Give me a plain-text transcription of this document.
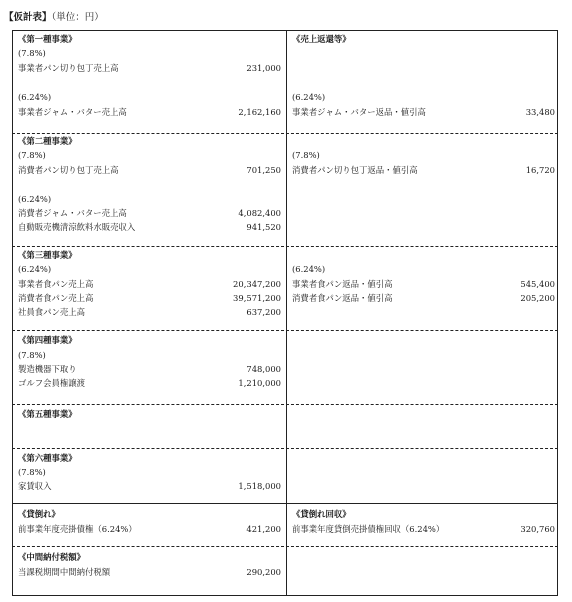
【仮計表】（単位：円）
《第一種事業》
(7.8%)
事業者パン切り包丁売上高	231,000
(6.24%)
事業者ジャム・バター売上高	2,162,160
《第二種事業》
(7.8%)
消費者パン切り包丁売上高	701,250
(6.24%)
消費者ジャム・バター売上高	4,082,400
自動販売機清涼飲料水販売収入	941,520
《第三種事業》
(6.24%)
事業者食パン売上高	20,347,200
消費者食パン売上高	39,571,200
社員食パン売上高	637,200
《第四種事業》
(7.8%)
製造機器下取り	748,000
ゴルフ会員権譲渡	1,210,000
《第五種事業》
《第六種事業》
(7.8%)
家賃収入	1,518,000
《貸倒れ》
前事業年度売掛債権（6.24%）	421,200
《中間納付税額》
当課税期間中間納付税額	290,200
《売上返還等》
(6.24%)
事業者ジャム・バター返品・値引高	33,480
(7.8%)
消費者パン切り包丁返品・値引高	16,720
(6.24%)
事業者食パン返品・値引高	545,400
消費者食パン返品・値引高	205,200
《貸倒れ回収》
前事業年度貸倒売掛債権回収（6.24%）	320,760
